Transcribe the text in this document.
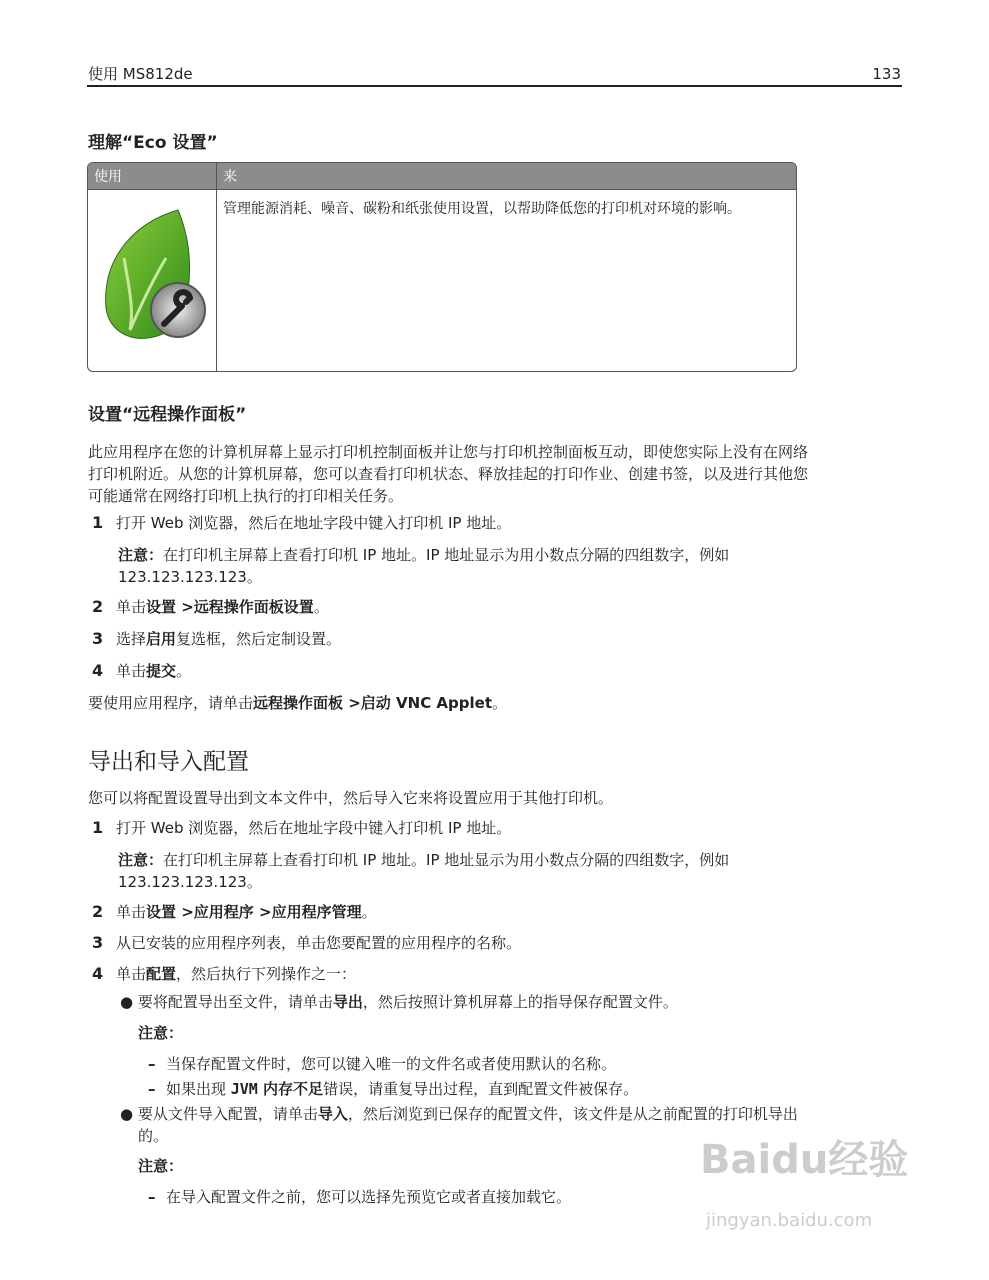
使用 MS812de	133
理解“Eco 设置”
使用	来
	管理能源消耗、噪音、碳粉和纸张使用设置，以帮助降低您的打印机对环境的影响。
设置“远程操作面板”
此应用程序在您的计算机屏幕上显示打印机控制面板并让您与打印机控制面板互动，即使您实际上没有在网络
打印机附近。从您的计算机屏幕，您可以查看打印机状态、释放挂起的打印作业、创建书签，以及进行其他您
可能通常在网络打印机上执行的打印相关任务。
1 打开 Web 浏览器，然后在地址字段中键入打印机 IP 地址。
注意：在打印机主屏幕上查看打印机 IP 地址。IP 地址显示为用小数点分隔的四组数字，例如
123.123.123.123。
2 单击设置 >远程操作面板设置。
3 选择启用复选框，然后定制设置。
4 单击提交。
要使用应用程序，请单击远程操作面板 >启动 VNC Applet。
导出和导入配置
您可以将配置设置导出到文本文件中，然后导入它来将设置应用于其他打印机。
1 打开 Web 浏览器，然后在地址字段中键入打印机 IP 地址。
注意：在打印机主屏幕上查看打印机 IP 地址。IP 地址显示为用小数点分隔的四组数字，例如
123.123.123.123。
2 单击设置 >应用程序 >应用程序管理。
3 从已安装的应用程序列表，单击您要配置的应用程序的名称。
4 单击配置，然后执行下列操作之一：
● 要将配置导出至文件，请单击导出，然后按照计算机屏幕上的指导保存配置文件。
注意：
–  当保存配置文件时，您可以键入唯一的文件名或者使用默认的名称。
–  如果出现 JVM 内存不足错误，请重复导出过程，直到配置文件被保存。
● 要从文件导入配置，请单击导入，然后浏览到已保存的配置文件，该文件是从之前配置的打印机导出
的。
注意：
–  在导入配置文件之前，您可以选择先预览它或者直接加载它。
Baidu经验
jingyan.baidu.com
